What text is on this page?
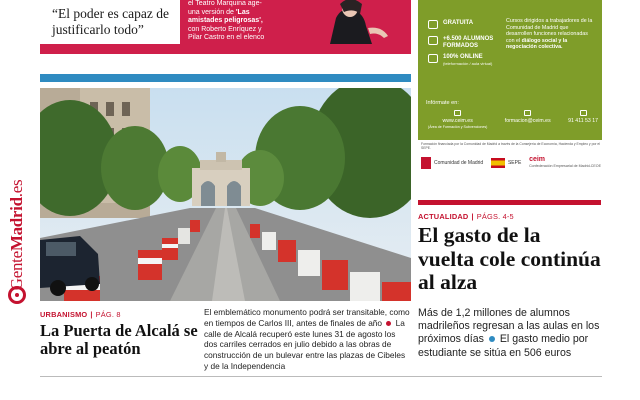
GenteMadrid.es
“El poder es capaz de justificarlo todo”
el Teatro Marquina age-
una versión de 'Las amistades peligrosas',
con Roberto Enríquez y
Pilar Castro en el elenco
GRATUITA
+6.500 ALUMNOS
FORMADOS
100% ONLINE
(teleformación / aula virtual)
Cursos dirigidos a trabajadores de la Comunidad de Madrid que desarrollen funciones relacionadas con el diálogo social y la negociación colectiva.
Infórmate en:
www.ceim.es
(Área de Formación y Subvenciones)
formacion@ceim.es	91 411 53 17
Formación financiada por la Comunidad de Madrid a través de la Consejería de Economía, Hacienda y Empleo y por el SEPE.
Comunidad de Madrid	SEPE ceim
Confederación Empresarial de Madrid-CEOE
URBANISMO | PÁG. 8
La Puerta de Alcalá se abre al peatón
El emblemático monumento podrá ser transitable, como en tiempos de Carlos III, antes de finales de año La calle de Alcalá recuperó este lunes 31 de agosto los dos carriles cerrados en julio debido a las obras de construcción de un bulevar entre las plazas de Cibeles y de la Independencia
ACTUALIDAD | PÁGS. 4-5
El gasto de la vuelta cole continúa al alza
Más de 1,2 millones de alumnos madrileños regresan a las aulas en los próximos días El gasto medio por estudiante se sitúa en 506 euros
